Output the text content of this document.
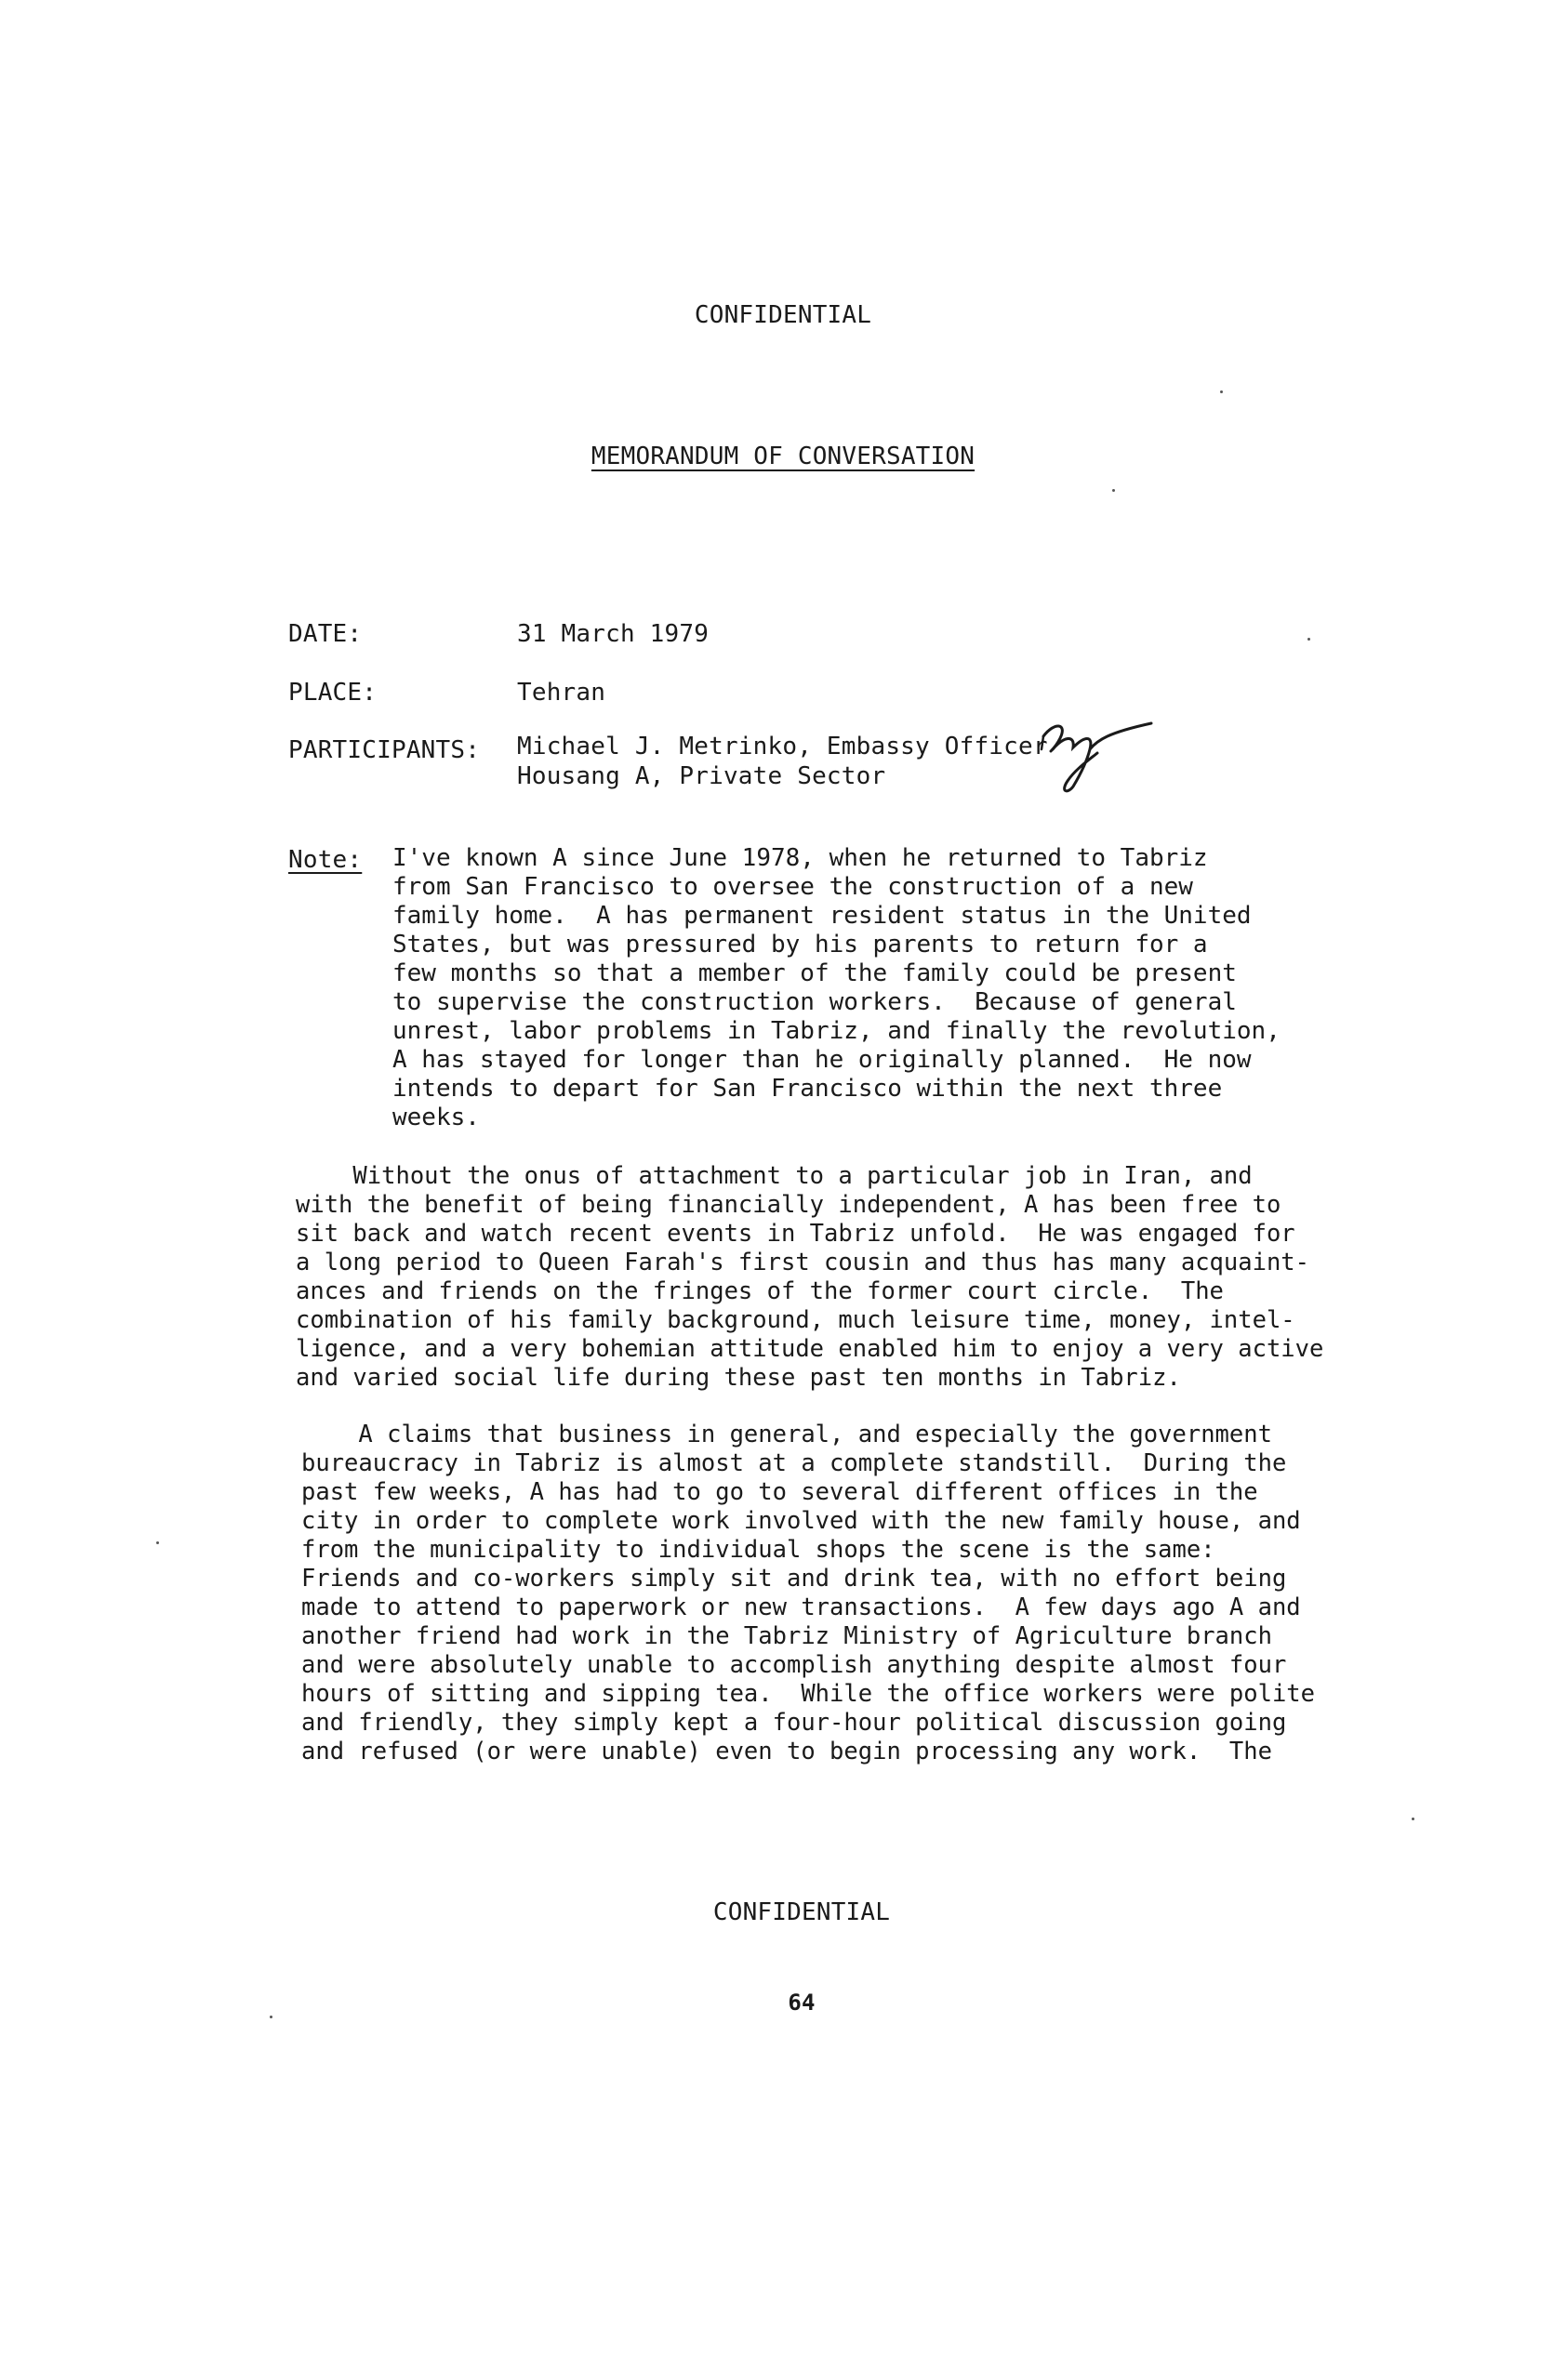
CONFIDENTIAL
MEMORANDUM OF CONVERSATION
DATE:	31 March 1979
PLACE:	Tehran
PARTICIPANTS: Michael J. Metrinko, Embassy Officer
Housang A, Private Sector
Note: I've known A since June 1978, when he returned to Tabriz
from San Francisco to oversee the construction of a new
family home.  A has permanent resident status in the United
States, but was pressured by his parents to return for a
few months so that a member of the family could be present
to supervise the construction workers.  Because of general
unrest, labor problems in Tabriz, and finally the revolution,
A has stayed for longer than he originally planned.  He now
intends to depart for San Francisco within the next three
weeks.
Without the onus of attachment to a particular job in Iran, and
with the benefit of being financially independent, A has been free to
sit back and watch recent events in Tabriz unfold.  He was engaged for
a long period to Queen Farah's first cousin and thus has many acquaint-
ances and friends on the fringes of the former court circle.  The
combination of his family background, much leisure time, money, intel-
ligence, and a very bohemian attitude enabled him to enjoy a very active
and varied social life during these past ten months in Tabriz.
A claims that business in general, and especially the government
bureaucracy in Tabriz is almost at a complete standstill.  During the
past few weeks, A has had to go to several different offices in the
city in order to complete work involved with the new family house, and
from the municipality to individual shops the scene is the same:
Friends and co-workers simply sit and drink tea, with no effort being
made to attend to paperwork or new transactions.  A few days ago A and
another friend had work in the Tabriz Ministry of Agriculture branch
and were absolutely unable to accomplish anything despite almost four
hours of sitting and sipping tea.  While the office workers were polite
and friendly, they simply kept a four-hour political discussion going
and refused (or were unable) even to begin processing any work.  The
CONFIDENTIAL
64
